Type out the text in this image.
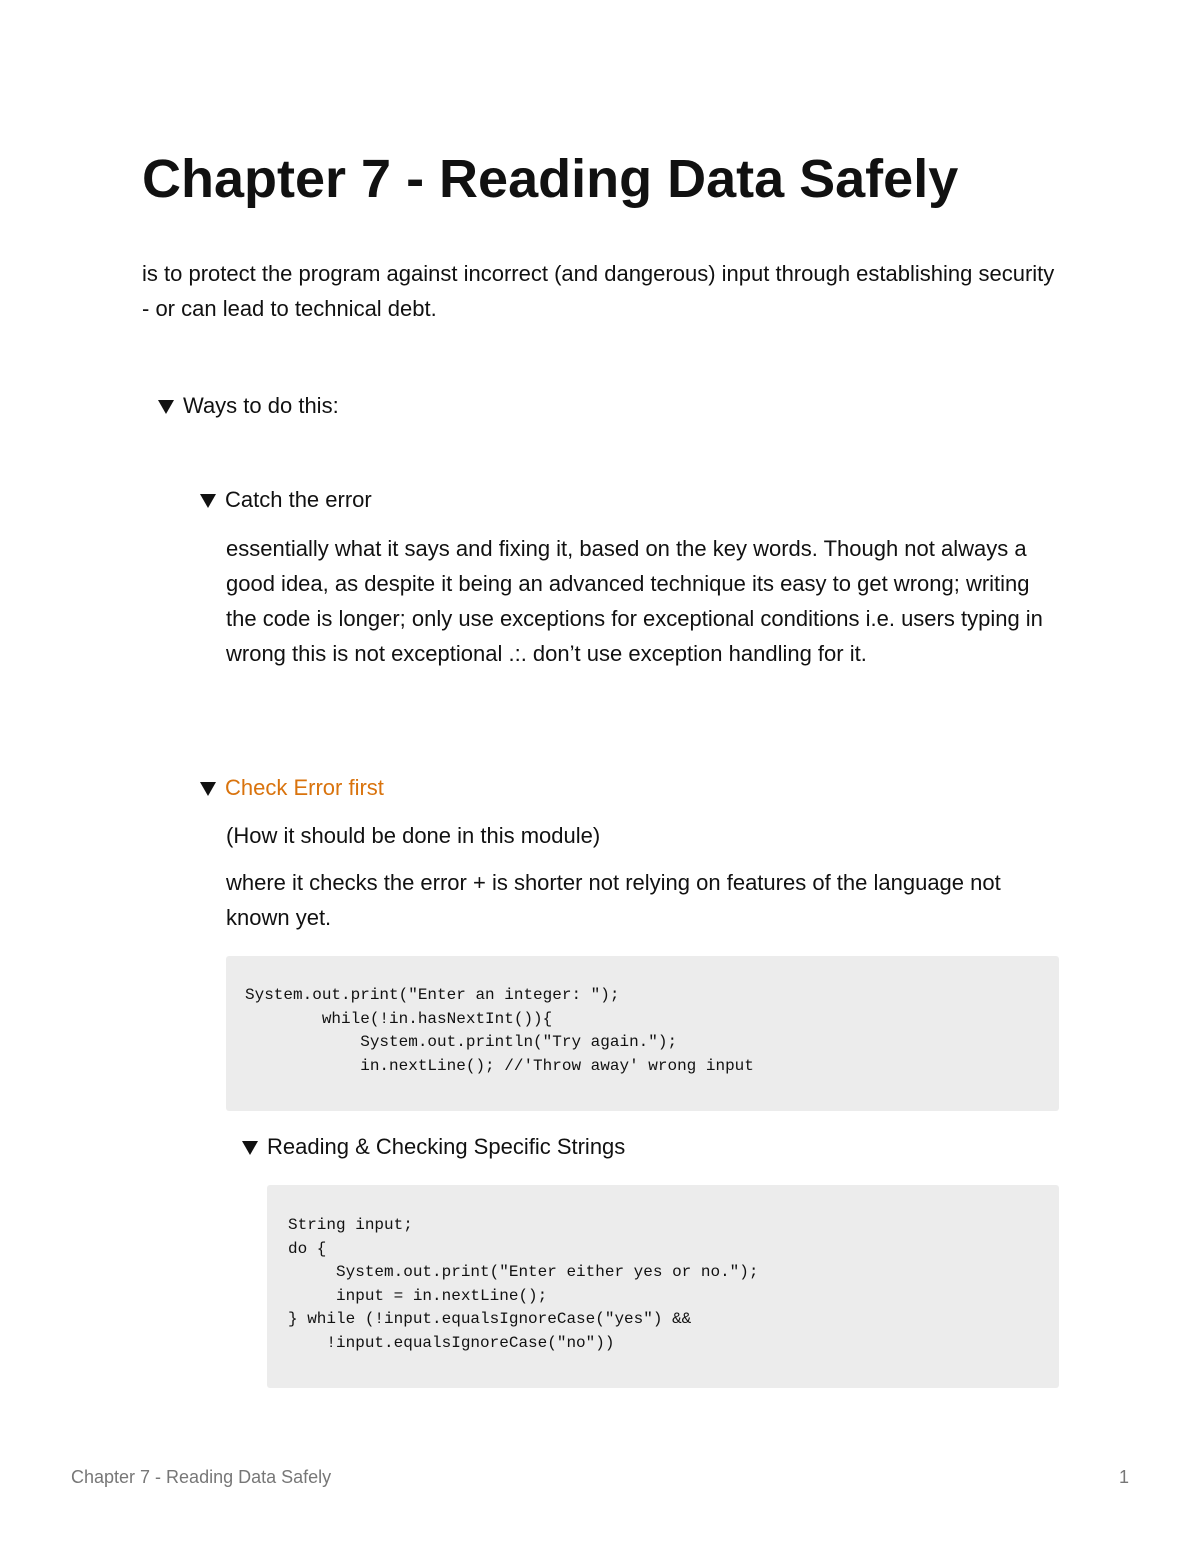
Chapter 7 - Reading Data Safely

is to protect the program against incorrect (and dangerous) input through establishing security - or can lead to technical debt.

Ways to do this:
Catch the error

essentially what it says and fixing it, based on the key words. Though not always a good idea, as despite it being an advanced technique its easy to get wrong; writing the code is longer; only use exceptions for exceptional conditions i.e. users typing in wrong this is not exceptional .:. don’t use exception handling for it.

Check Error first

(How it should be done in this module)

where it checks the error + is shorter not relying on features of the language not known yet.

System.out.print("Enter an integer: ");
while(!in.hasNextInt()){
System.out.println("Try again.");
in.nextLine(); //'Throw away' wrong input
Reading & Checking Specific Strings
String input;
do {
System.out.print("Enter either yes or no.");
input = in.nextLine();
} while (!input.equalsIgnoreCase("yes") &&
!input.equalsIgnoreCase("no"))
Chapter 7 - Reading Data Safely	1
